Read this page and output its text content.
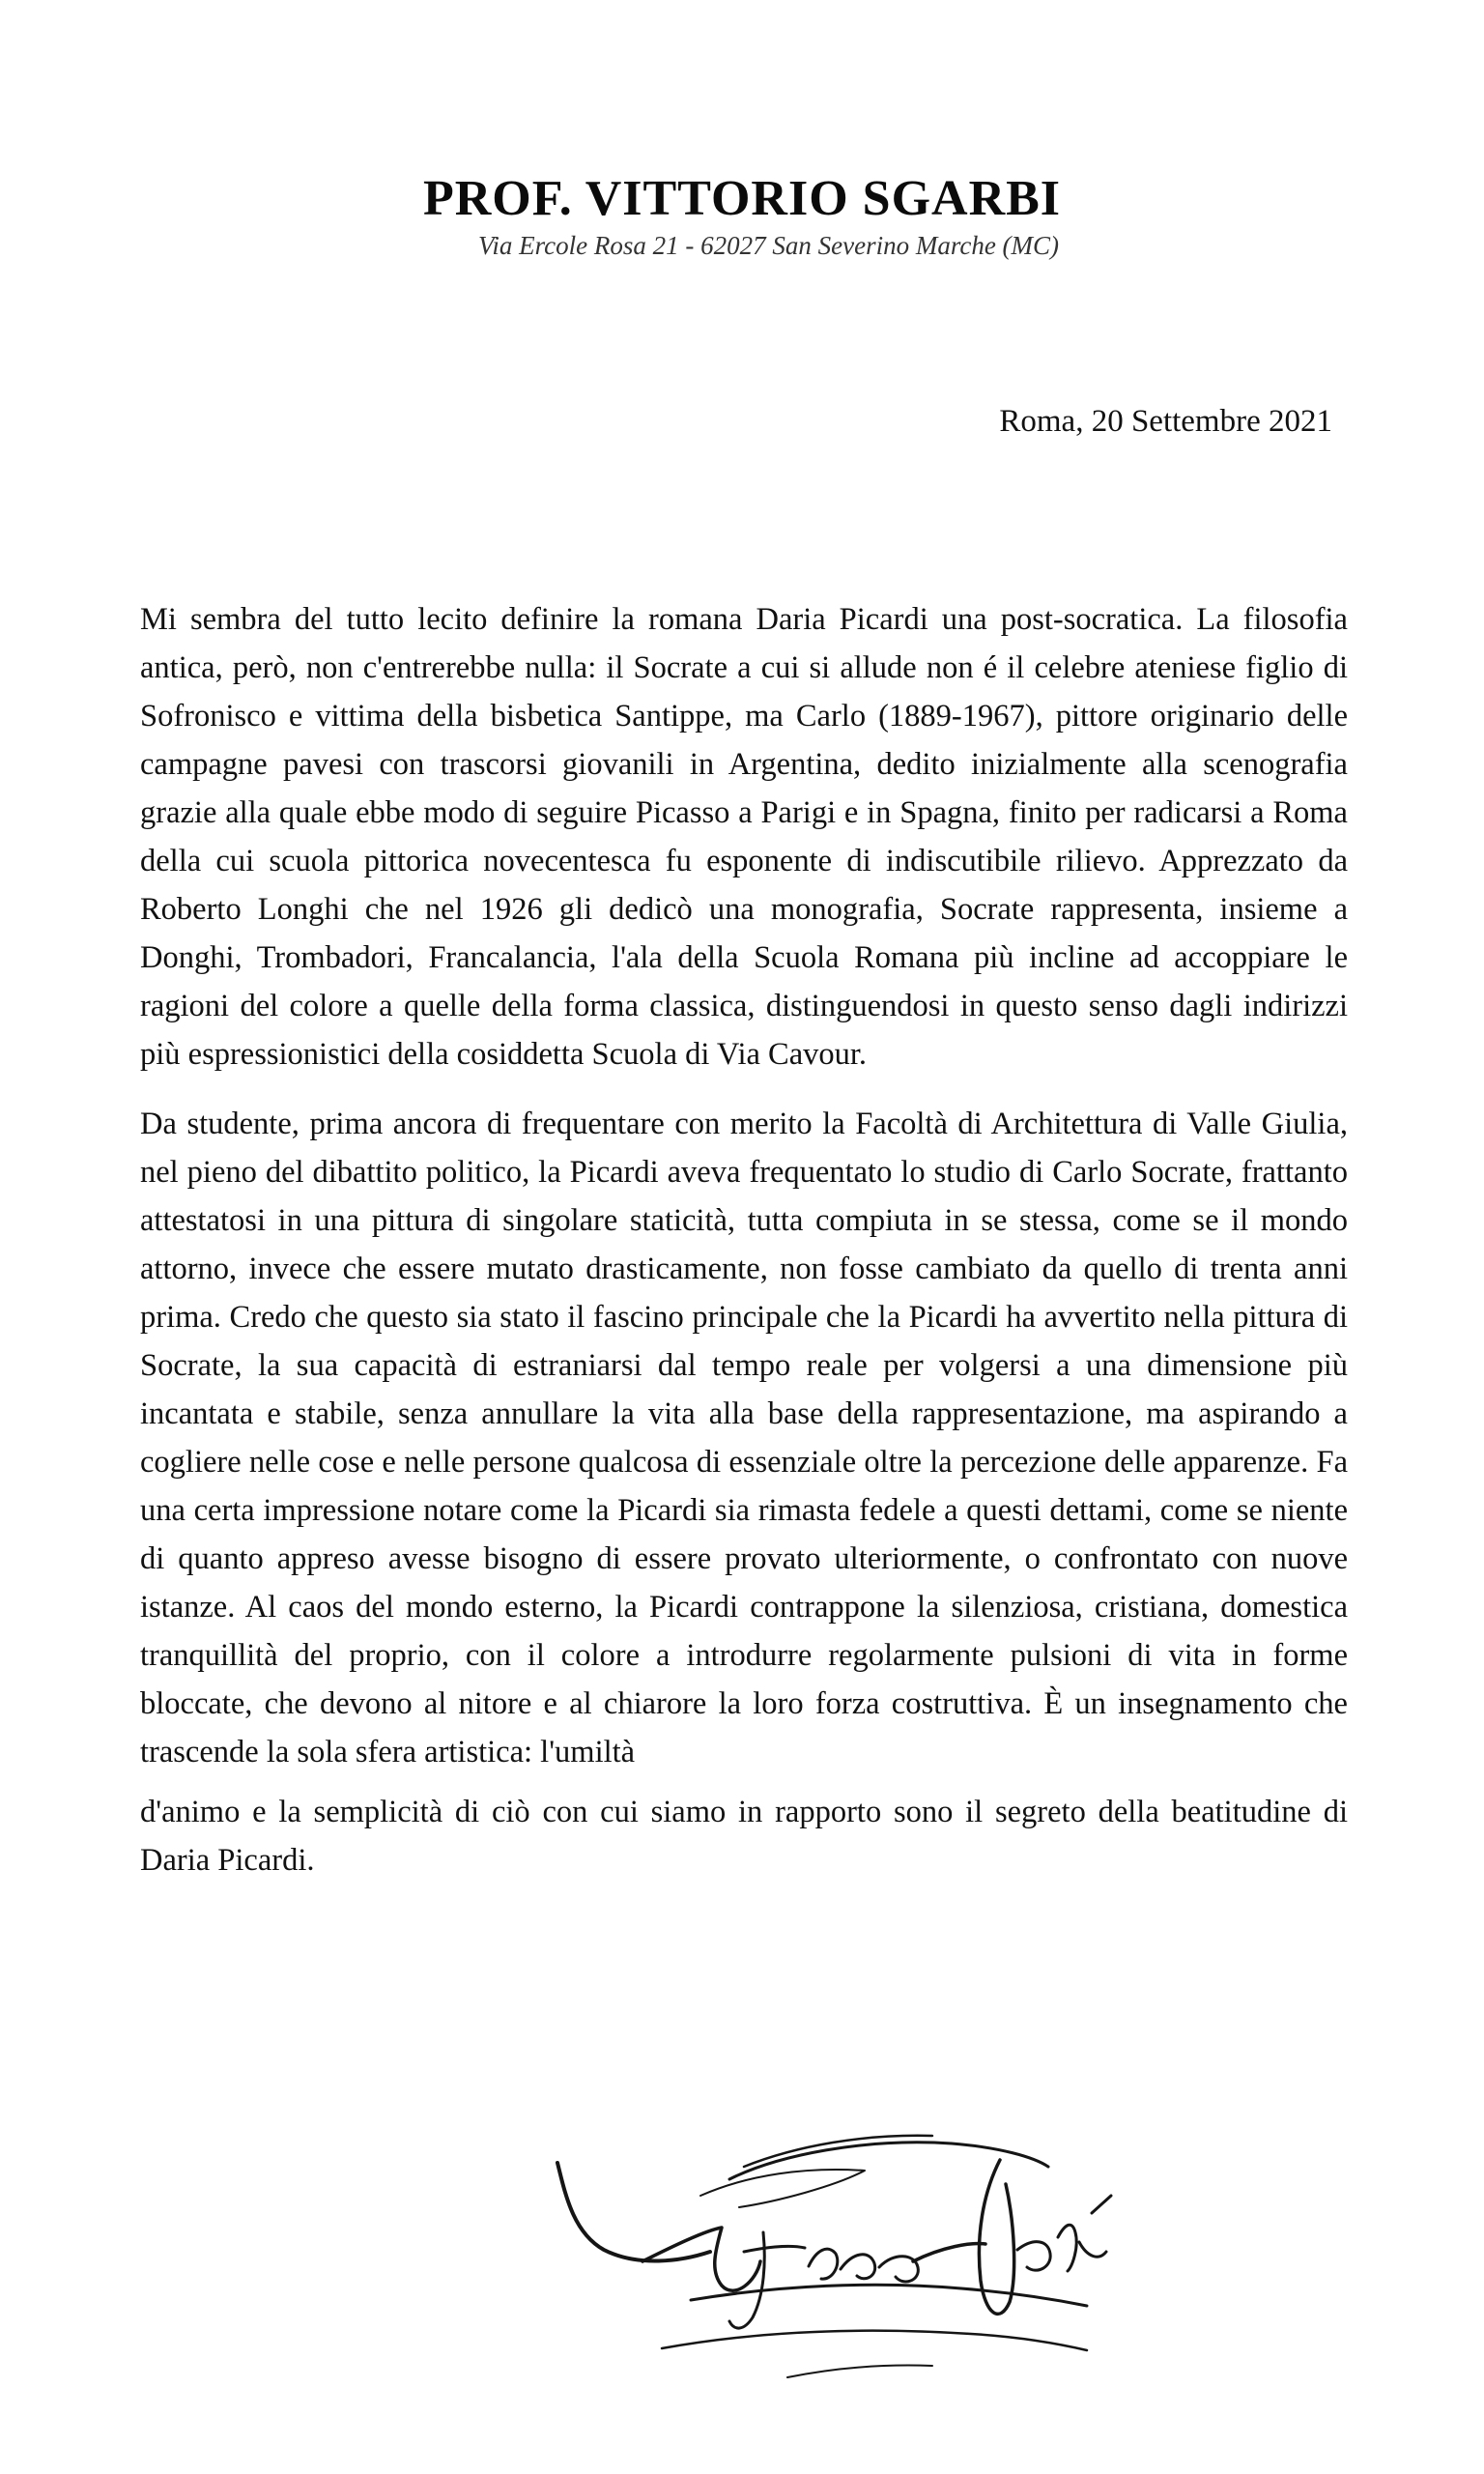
PROF. VITTORIO SGARBI
Via Ercole Rosa 21 - 62027 San Severino Marche (MC)
Roma, 20 Settembre 2021

Mi sembra del tutto lecito definire la romana Daria Picardi una post-socratica. La filosofia antica, però, non c'entrerebbe nulla: il Socrate a cui si allude non é il celebre ateniese figlio di Sofronisco e vittima della bisbetica Santippe, ma Carlo (1889-1967), pittore originario delle campagne pavesi con trascorsi giovanili in Argentina, dedito inizialmente alla scenografia grazie alla quale ebbe modo di seguire Picasso a Parigi e in Spagna, finito per radicarsi a Roma della cui scuola pittorica novecentesca fu esponente di indiscutibile rilievo. Apprezzato da Roberto Longhi che nel 1926 gli dedicò una monografia, Socrate rappresenta, insieme a Donghi, Trombadori, Francalancia, l'ala della Scuola Romana più incline ad accoppiare le ragioni del colore a quelle della forma classica, distinguendosi in questo senso dagli indirizzi più espressionistici della cosiddetta Scuola di Via Cavour.

Da studente, prima ancora di frequentare con merito la Facoltà di Architettura di Valle Giulia, nel pieno del dibattito politico, la Picardi aveva frequentato lo studio di Carlo Socrate, frattanto attestatosi in una pittura di singolare staticità, tutta compiuta in se stessa, come se il mondo attorno, invece che essere mutato drasticamente, non fosse cambiato da quello di trenta anni prima. Credo che questo sia stato il fascino principale che la Picardi ha avvertito nella pittura di Socrate, la sua capacità di estraniarsi dal tempo reale per volgersi a una dimensione più incantata e stabile, senza annullare la vita alla base della rappresentazione, ma aspirando a cogliere nelle cose e nelle persone qualcosa di essenziale oltre la percezione delle apparenze. Fa una certa impressione notare come la Picardi sia rimasta fedele a questi dettami, come se niente di quanto appreso avesse bisogno di essere provato ulteriormente, o confrontato con nuove istanze. Al caos del mondo esterno, la Picardi contrappone la silenziosa, cristiana, domestica tranquillità del proprio, con il colore a introdurre regolarmente pulsioni di vita in forme bloccate, che devono al nitore e al chiarore la loro forza costruttiva. È un insegnamento che trascende la sola sfera artistica: l'umiltà

d'animo e la semplicità di ciò con cui siamo in rapporto sono il segreto della beatitudine di Daria Picardi.
